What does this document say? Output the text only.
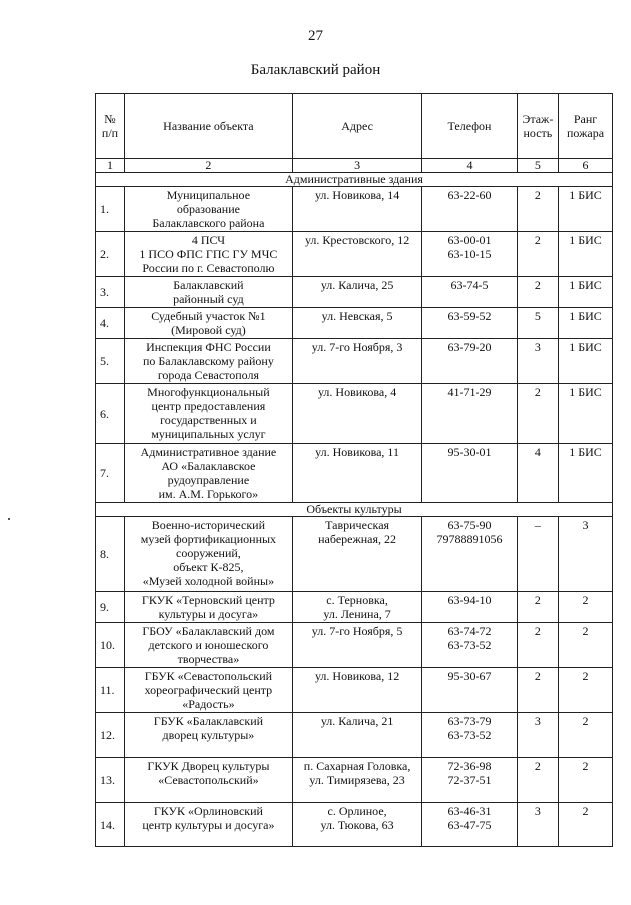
27
Балаклавский район
№
п/п	Название объекта	Адрес	Телефон	Этаж-
ность	Ранг
пожара

1	2	3	4	5	6
Административные здания					
1.	Муниципальное
образование
Балаклавского района	ул. Новикова, 14	63-22-60	2	1 БИС
2.	4 ПСЧ
1 ПСО ФПС ГПС ГУ МЧС
России по г. Севастополю	ул. Крестовского, 12	63-00-01
63-10-15	2	1 БИС
3.	Балаклавский
районный суд	ул. Калича, 25	63-74-5	2	1 БИС
4.	Судебный участок №1
(Мировой суд)	ул. Невская, 5	63-59-52	5	1 БИС
5.	Инспекция ФНС России
по Балаклавскому району
города Севастополя	ул. 7-го Ноября, 3	63-79-20	3	1 БИС
6.	Многофункциональный
центр предоставления
государственных и
муниципальных услуг	ул. Новикова, 4	41-71-29	2	1 БИС
7.	Административное здание
АО «Балаклавское
рудоуправление
им. А.М. Горького»	ул. Новикова, 11	95-30-01	4	1 БИС
Объекты культуры					
8.	Военно-исторический
музей фортификационных
сооружений,
объект К-825,
«Музей холодной войны»	Таврическая
набережная, 22	63-75-90
79788891056	–	3
9.	ГКУК «Терновский центр
культуры и досуга»	с. Терновка,
ул. Ленина, 7	63-94-10	2	2
10.	ГБОУ «Балаклавский дом
детского и юношеского
творчества»	ул. 7-го Ноября, 5	63-74-72
63-73-52	2	2
11.	ГБУК «Севастопольский
хореографический центр
«Радость»	ул. Новикова, 12	95-30-67	2	2
12.	ГБУК «Балаклавский
дворец культуры»	ул. Калича, 21	63-73-79
63-73-52	3	2
13.	ГКУК Дворец культуры
«Севастопольский»	п. Сахарная Головка,
ул. Тимирязева, 23	72-36-98
72-37-51	2	2
14.	ГКУК «Орлиновский
центр культуры и досуга»	с. Орлиное,
ул. Тюкова, 63	63-46-31
63-47-75	3	2
